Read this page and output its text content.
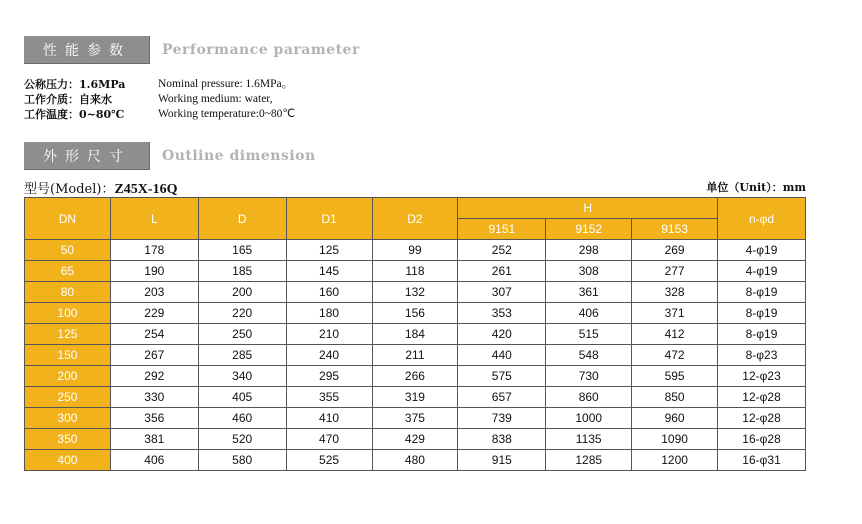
性能参数	Performance parameter
公称压力：1.6MPa	Nominal pressure: 1.6MPa。
工作介质：自来水	Working medium: water,
工作温度：0~80℃	Working temperature:0~80℃
外形尺寸	Outline dimension
型号(Model)：Z45X-16Q	单位（Unit）：mm
DN	L	D	D1	D2	H			n-φd
					9151	9152	9153	
50	178	165	125	99	252	298	269	4-φ19
65	190	185	145	118	261	308	277	4-φ19
80	203	200	160	132	307	361	328	8-φ19
100	229	220	180	156	353	406	371	8-φ19
125	254	250	210	184	420	515	412	8-φ19
150	267	285	240	211	440	548	472	8-φ23
200	292	340	295	266	575	730	595	12-φ23
250	330	405	355	319	657	860	850	12-φ28
300	356	460	410	375	739	1000	960	12-φ28
350	381	520	470	429	838	1135	1090	16-φ28
400	406	580	525	480	915	1285	1200	16-φ31
